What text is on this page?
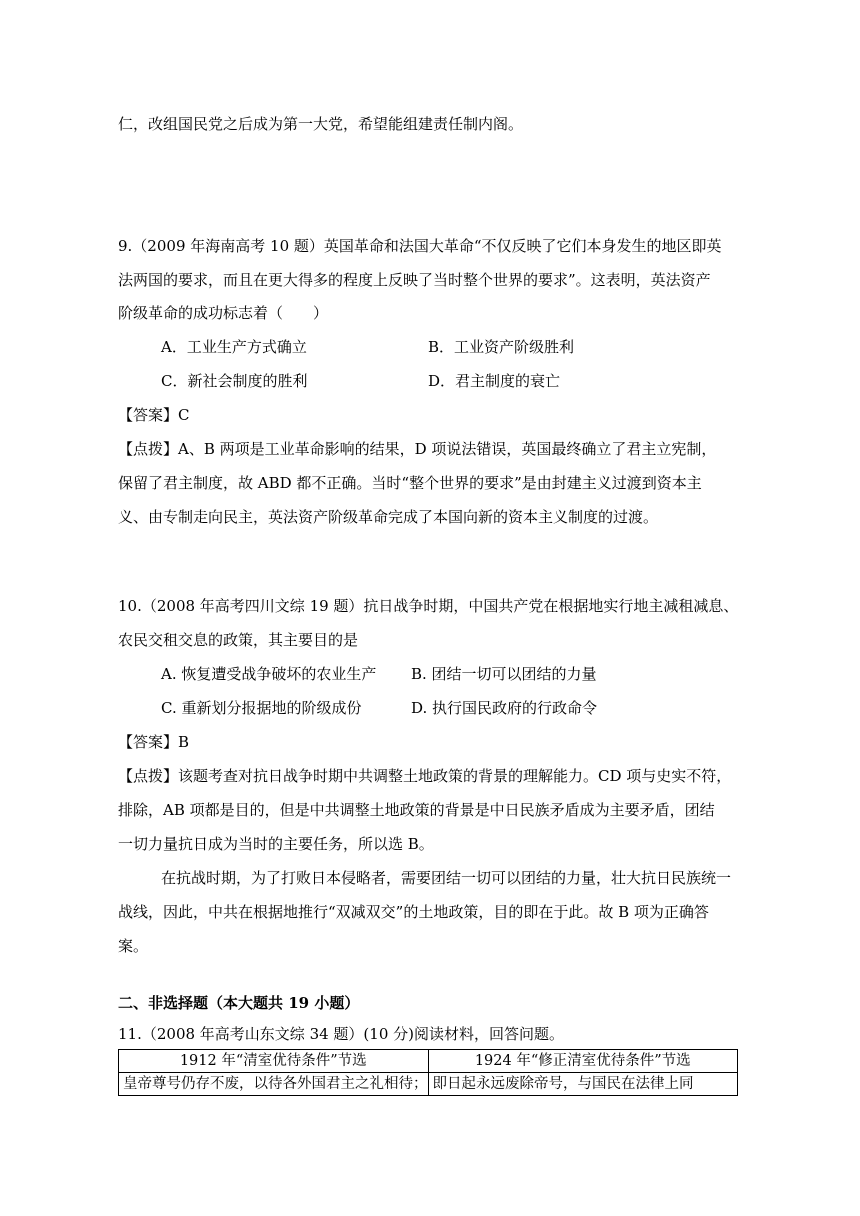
仁，改组国民党之后成为第一大党，希望能组建责任制内阁。
9.（2009 年海南高考 10 题）英国革命和法国大革命“不仅反映了它们本身发生的地区即英
法两国的要求，而且在更大得多的程度上反映了当时整个世界的要求”。这表明，英法资产
阶级革命的成功标志着（　　）
A．工业生产方式确立	B．工业资产阶级胜利
C．新社会制度的胜利	D．君主制度的衰亡
【答案】C
【点拨】A、B 两项是工业革命影响的结果，D 项说法错误，英国最终确立了君主立宪制，
保留了君主制度，故 ABD 都不正确。当时“整个世界的要求”是由封建主义过渡到资本主
义、由专制走向民主，英法资产阶级革命完成了本国向新的资本主义制度的过渡。
10.（2008 年高考四川文综 19 题）抗日战争时期，中国共产党在根据地实行地主减租减息、
农民交租交息的政策，其主要目的是
A. 恢复遭受战争破坏的农业生产 B. 团结一切可以团结的力量
C. 重新划分报据地的阶级成份	D. 执行国民政府的行政命令
【答案】B
【点拨】该题考查对抗日战争时期中共调整土地政策的背景的理解能力。CD 项与史实不符，
排除，AB 项都是目的，但是中共调整土地政策的背景是中日民族矛盾成为主要矛盾，团结
一切力量抗日成为当时的主要任务，所以选 B。
在抗战时期，为了打败日本侵略者，需要团结一切可以团结的力量，壮大抗日民族统一
战线，因此，中共在根据地推行“双减双交”的土地政策，目的即在于此。故 B 项为正确答
案。
二、非选择题（本大题共 19 小题）
11.（2008 年高考山东文综 34 题）(10 分)阅读材料，回答问题。
1912 年“清室优待条件”节选	1924 年“修正清室优待条件”节选
皇帝尊号仍存不废，以待各外国君主之礼相待；	即日起永远废除帝号，与国民在法律上同
